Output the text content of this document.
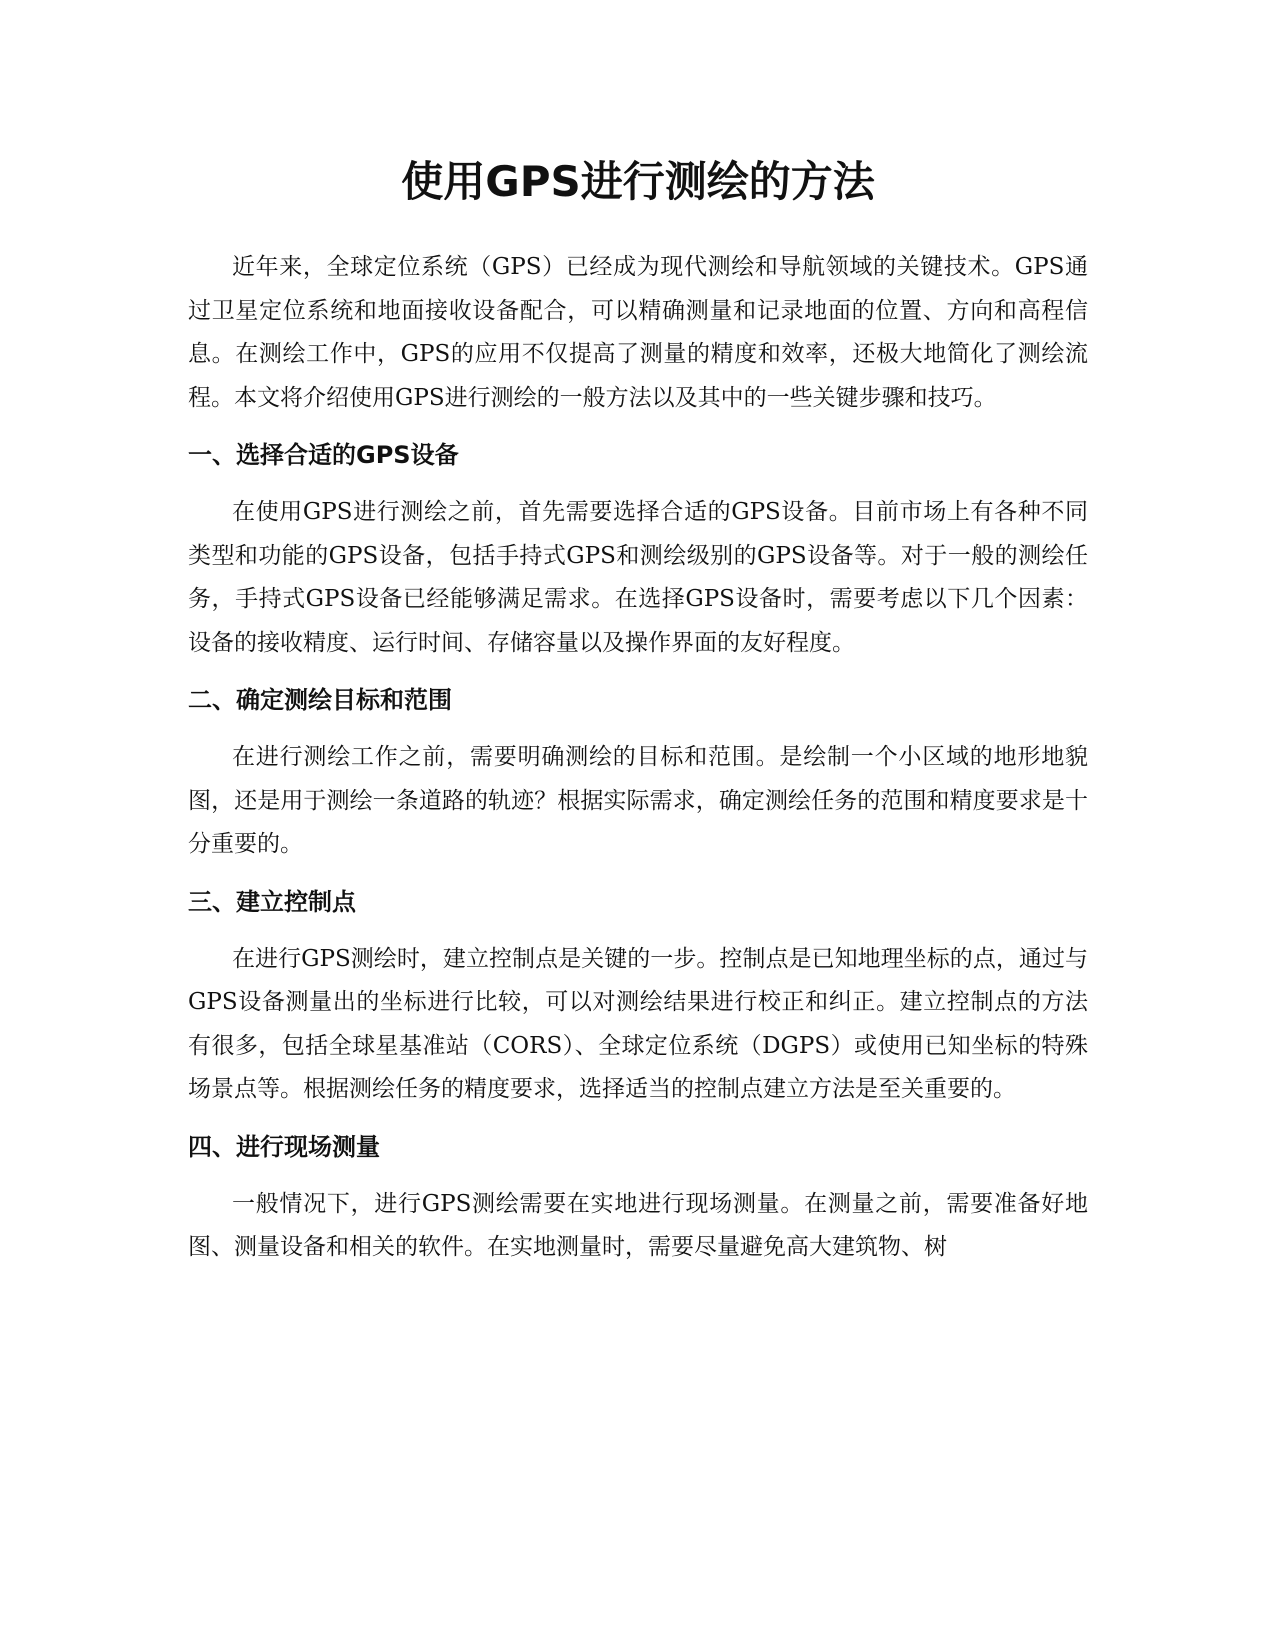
使用GPS进行测绘的方法

近年来，全球定位系统（GPS）已经成为现代测绘和导航领域的关键技术。GPS通过卫星定位系统和地面接收设备配合，可以精确测量和记录地面的位置、方向和高程信息。在测绘工作中，GPS的应用不仅提高了测量的精度和效率，还极大地简化了测绘流程。本文将介绍使用GPS进行测绘的一般方法以及其中的一些关键步骤和技巧。

一、选择合适的GPS设备

在使用GPS进行测绘之前，首先需要选择合适的GPS设备。目前市场上有各种不同类型和功能的GPS设备，包括手持式GPS和测绘级别的GPS设备等。对于一般的测绘任务，手持式GPS设备已经能够满足需求。在选择GPS设备时，需要考虑以下几个因素：设备的接收精度、运行时间、存储容量以及操作界面的友好程度。

二、确定测绘目标和范围

在进行测绘工作之前，需要明确测绘的目标和范围。是绘制一个小区域的地形地貌图，还是用于测绘一条道路的轨迹？根据实际需求，确定测绘任务的范围和精度要求是十分重要的。

三、建立控制点

在进行GPS测绘时，建立控制点是关键的一步。控制点是已知地理坐标的点，通过与GPS设备测量出的坐标进行比较，可以对测绘结果进行校正和纠正。建立控制点的方法有很多，包括全球星基准站（CORS）、全球定位系统（DGPS）或使用已知坐标的特殊场景点等。根据测绘任务的精度要求，选择适当的控制点建立方法是至关重要的。

四、进行现场测量

一般情况下，进行GPS测绘需要在实地进行现场测量。在测量之前，需要准备好地图、测量设备和相关的软件。在实地测量时，需要尽量避免高大建筑物、树
